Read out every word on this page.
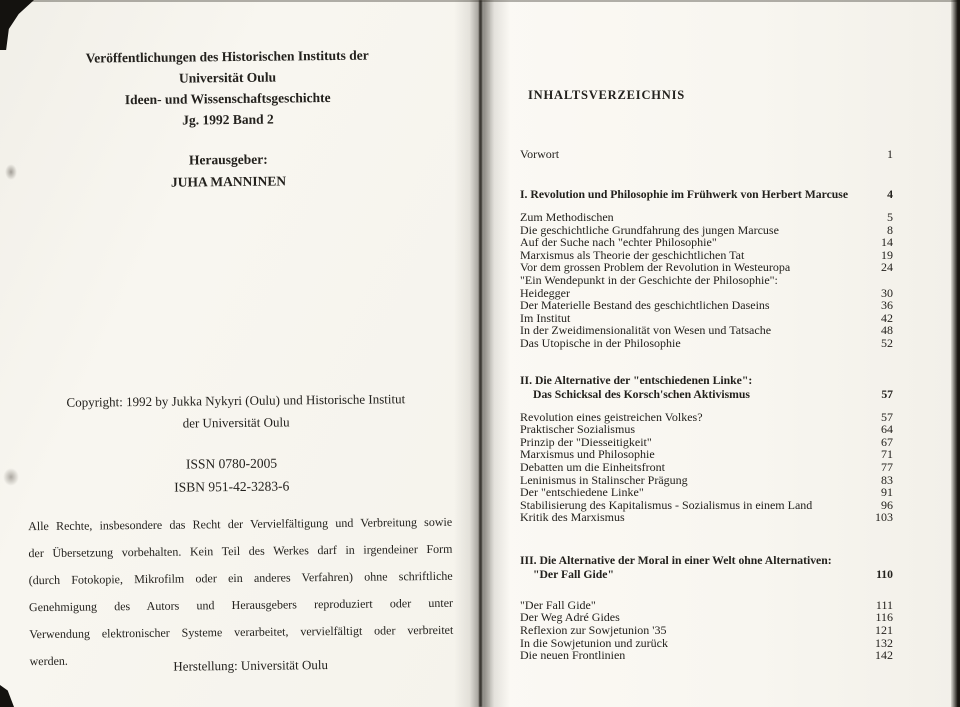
Veröffentlichungen des Historischen Instituts der
Universität Oulu
Ideen- und Wissenschaftsgeschichte
Jg. 1992 Band 2
Herausgeber:
JUHA MANNINEN
Copyright: 1992 by Jukka Nykyri (Oulu) und Historische Institut
der Universität Oulu
ISSN 0780-2005
ISBN 951-42-3283-6
Alle Rechte, insbesondere das Recht der Vervielfältigung und Verbreitung sowie
der Übersetzung vorbehalten. Kein Teil des Werkes darf in irgendeiner Form
(durch Fotokopie, Mikrofilm oder ein anderes Verfahren) ohne schriftliche
Genehmigung des Autors und Herausgebers reproduziert oder unter
Verwendung elektronischer Systeme verarbeitet, vervielfältigt oder verbreitet
werden.	Herstellung: Universität Oulu
INHALTSVERZEICHNIS
Vorwort	1
I. Revolution und Philosophie im Frühwerk von Herbert Marcuse	4
Zum Methodischen	5
Die geschichtliche Grundfahrung des jungen Marcuse	8
Auf der Suche nach "echter Philosophie"	14
Marxismus als Theorie der geschichtlichen Tat	19
Vor dem grossen Problem der Revolution in Westeuropa	24
"Ein Wendepunkt in der Geschichte der Philosophie":
Heidegger	30
Der Materielle Bestand des geschichtlichen Daseins	36
Im Institut	42
In der Zweidimensionalität von Wesen und Tatsache	48
Das Utopische in der Philosophie	52
II. Die Alternative der "entschiedenen Linke":
Das Schicksal des Korsch'schen Aktivismus	57
Revolution eines geistreichen Volkes?	57
Praktischer Sozialismus	64
Prinzip der "Diesseitigkeit"	67
Marxismus und Philosophie	71
Debatten um die Einheitsfront	77
Leninismus in Stalinscher Prägung	83
Der "entschiedene Linke"	91
Stabilisierung des Kapitalismus - Sozialismus in einem Land	96
Kritik des Marxismus	103
III. Die Alternative der Moral in einer Welt ohne Alternativen:
"Der Fall Gide"	110
"Der Fall Gide"	111
Der Weg Adré Gides	116
Reflexion zur Sowjetunion '35	121
In die Sowjetunion und zurück	132
Die neuen Frontlinien	142
